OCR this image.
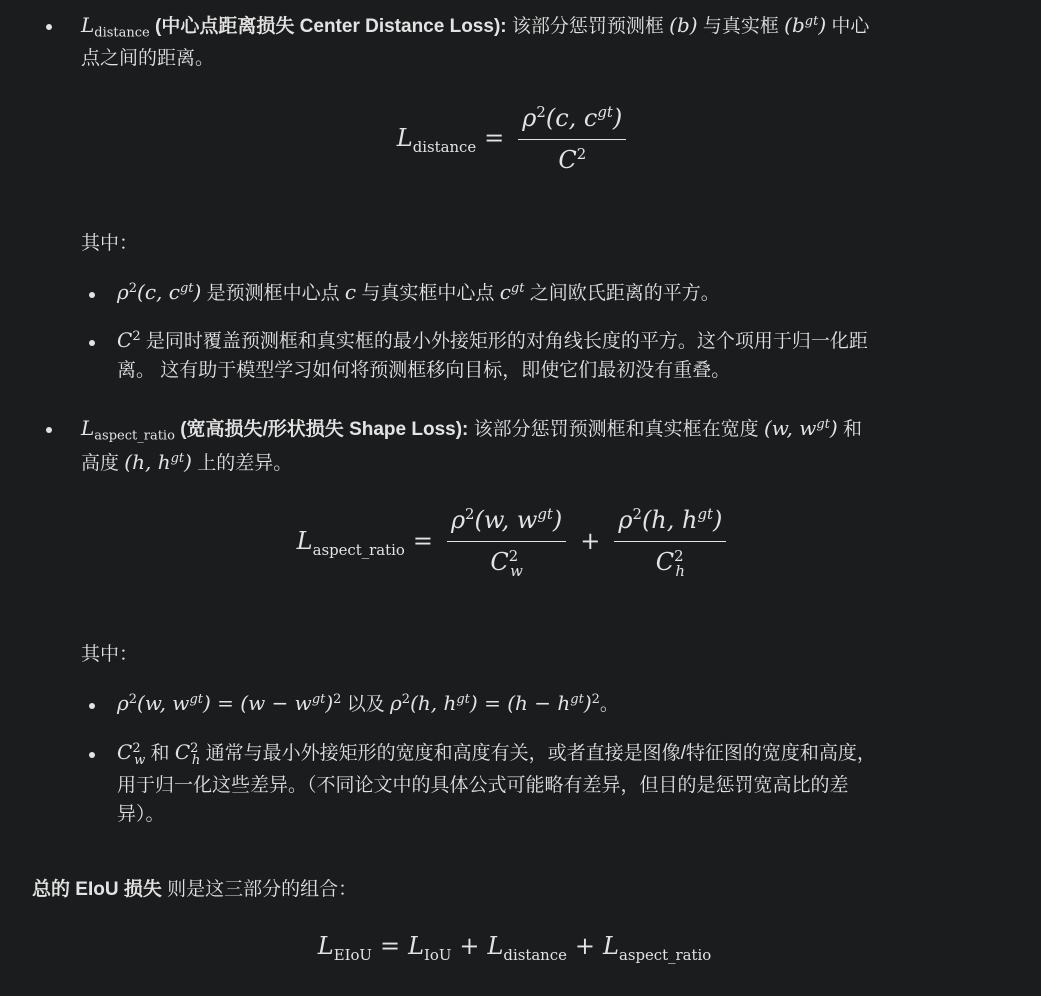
$L_{distance}$ (中心点距离损失 Center Distance Loss): 该部分惩罚预测框 (b) 与真实框 $(b^{gt})$ 中心
点之间的距离。
$L_{distance} = \frac{\rho^2(c, c^{gt})}{C^2}$
其中：
$\rho^2(c$, $c^{gt}$) 是预测框中心点 c 与真实框中心点 $c^{gt}$ 之间欧氏距离的平方。
$C^2$ 是同时覆盖预测框和真实框的最小外接矩形的对角线长度的平方。这个项用于归一化距
离。 这有助于模型学习如何将预测框移向目标，即使它们最初没有重叠。
$L_{aspect\_ratio}$ (宽高损失/形状损失 Shape Loss): 该部分惩罚预测框和真实框在宽度 (w, $w^{gt}$) 和
高度 (h, $h^{gt}$) 上的差异。
$L_{aspect\_ratio} = \frac{\rho^2(w, w^{gt})}{C^2_w} + \frac{\rho^2(h, h^{gt})}{C^2_h}$
其中：
$\rho^2(w$, $w^{gt}) = (w - w^{gt})^2$ 以及 $\rho^2(h$, $h^{gt}) = (h - h^{gt})^2$。
$C^2_w$ 和 $C^2_h$ 通常与最小外接矩形的宽度和高度有关，或者直接是图像/特征图的宽度和高度，
用于归一化这些差异。（不同论文中的具体公式可能略有差异，但目的是惩罚宽高比的差
异）。
总的 EIoU 损失 则是这三部分的组合：
$L_{EIoU} = L_{IoU} + L_{distance} + L_{aspect\_ratio}$
